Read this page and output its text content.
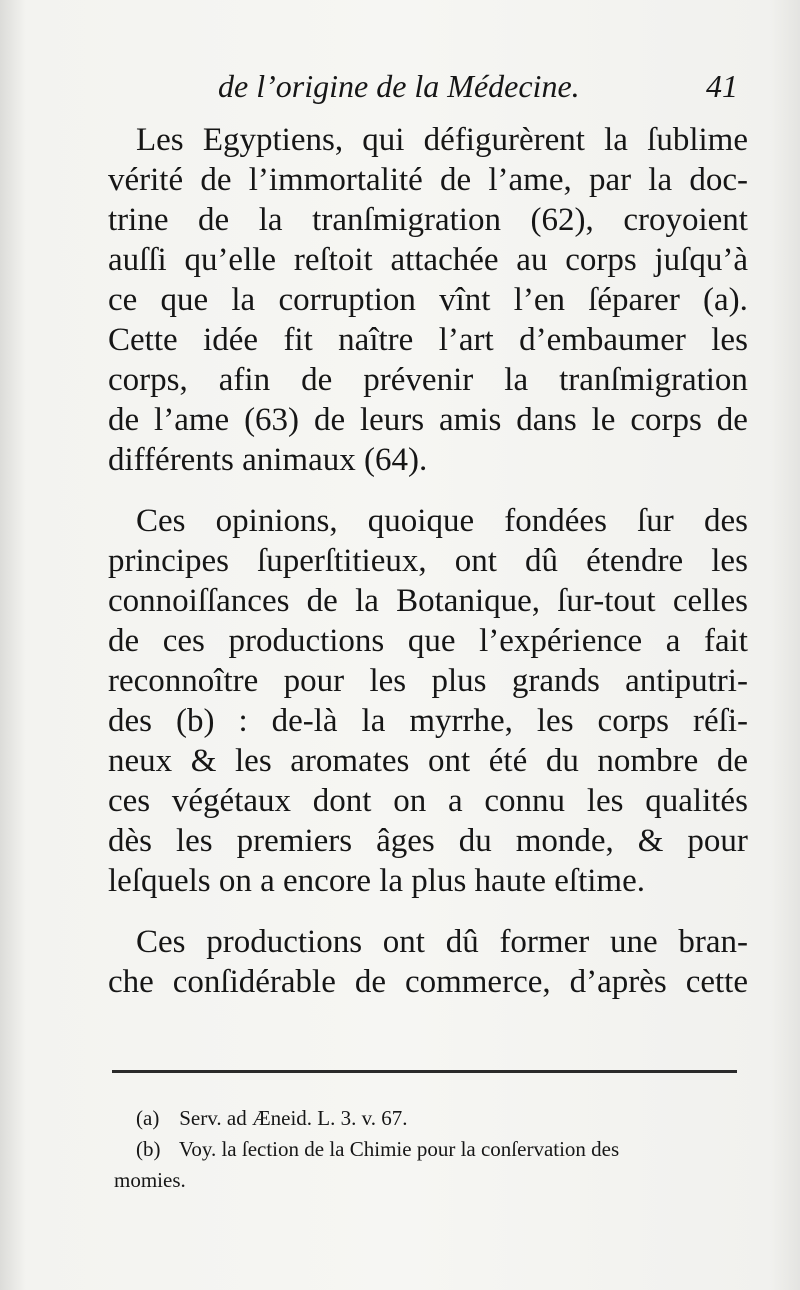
de l’origine de la Médecine.	41
Les Egyptiens, qui défigurèrent la ſublime
vérité de l’immortalité de l’ame, par la doc-
trine de la tranſmigration (62), croyoient
auſſi qu’elle reſtoit attachée au corps juſqu’à
ce que la corruption vînt l’en ſéparer (a).
Cette idée fit naître l’art d’embaumer les
corps, afin de prévenir la tranſmigration
de l’ame (63) de leurs amis dans le corps de
différents animaux (64).
Ces opinions, quoique fondées ſur des
principes ſuperſtitieux, ont dû étendre les
connoiſſances de la Botanique, ſur-tout celles
de ces productions que l’expérience a fait
reconnoître pour les plus grands antiputri-
des (b) : de-là la myrrhe, les corps réſi-
neux & les aromates ont été du nombre de
ces végétaux dont on a connu les qualités
dès les premiers âges du monde, & pour
leſquels on a encore la plus haute eſtime.
Ces productions ont dû former une bran-
che conſidérable de commerce, d’après cette
(a) Serv. ad Æneid. L. 3. v. 67.
(b) Voy. la ſection de la Chimie pour la conſervation des
momies.
